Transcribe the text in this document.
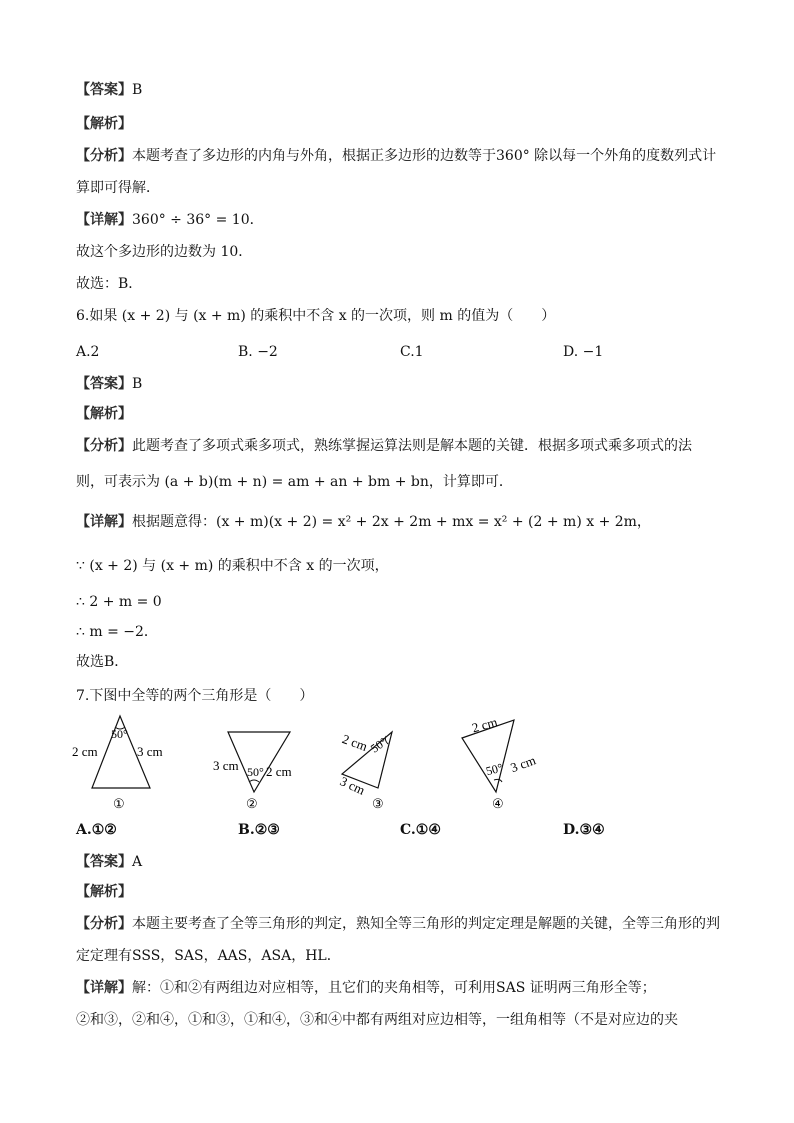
【答案】B
【解析】
【分析】本题考查了多边形的内角与外角，根据正多边形的边数等于360° 除以每一个外角的度数列式计
算即可得解．
【详解】360° ÷ 36° = 10．
故这个多边形的边数为 10．
故选：B．
6.如果 (x + 2) 与 (x + m) 的乘积中不含 x 的一次项，则 m 的值为（　　）
A.2	B. −2	C.1	D. −1
【答案】B
【解析】
【分析】此题考查了多项式乘多项式，熟练掌握运算法则是解本题的关键．根据多项式乘多项式的法
则，可表示为 (a + b)(m + n) = am + an + bm + bn，计算即可．
【详解】根据题意得：(x + m)(x + 2) = x² + 2x + 2m + mx = x² + (2 + m) x + 2m，
∵ (x + 2) 与 (x + m) 的乘积中不含 x 的一次项，
∴ 2 + m = 0
∴ m = −2．
故选B．
7.下图中全等的两个三角形是（　　）
50°
2 cm	3 cm
①
50°
3 cm 2 cm
②
50°
2 cm
3 cm
③
50°
2 cm
3 cm
④
A.①②	B.②③	C.①④	D.③④
【答案】A
【解析】
【分析】本题主要考查了全等三角形的判定，熟知全等三角形的判定定理是解题的关键，全等三角形的判
定定理有SSS，SAS，AAS，ASA，HL．
【详解】解：①和②有两组边对应相等，且它们的夹角相等，可利用SAS 证明两三角形全等；
②和③，②和④，①和③，①和④，③和④中都有两组对应边相等，一组角相等（不是对应边的夹
